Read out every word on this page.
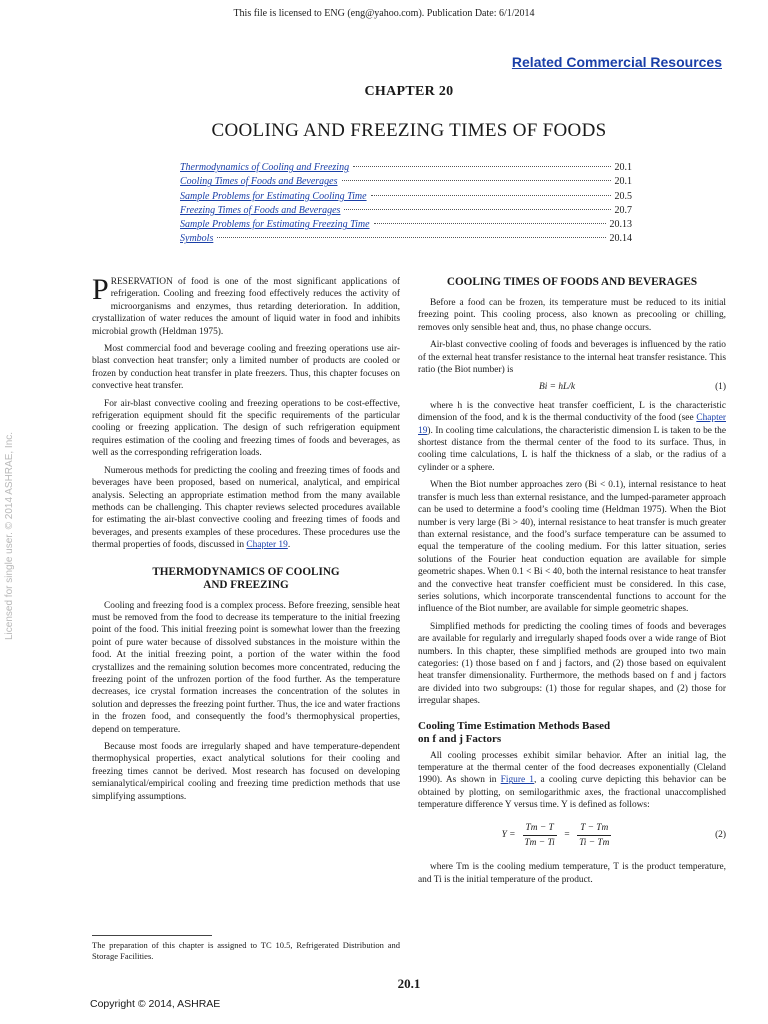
This file is licensed to ENG (eng@yahoo.com). Publication Date: 6/1/2014
Related Commercial Resources
Licensed for single user. © 2014 ASHRAE, Inc.
CHAPTER 20
COOLING AND FREEZING TIMES OF FOODS
Thermodynamics of Cooling and Freezing	20.1
Cooling Times of Foods and Beverages	20.1
Sample Problems for Estimating Cooling Time	20.5
Freezing Times of Foods and Beverages	20.7
Sample Problems for Estimating Freezing Time	20.13
Symbols	20.14

PRESERVATION of food is one of the most significant applications of refrigeration. Cooling and freezing food effectively reduces the activity of microorganisms and enzymes, thus retarding deterioration. In addition, crystallization of water reduces the amount of liquid water in food and inhibits microbial growth (Heldman 1975).

Most commercial food and beverage cooling and freezing operations use air-blast convection heat transfer; only a limited number of products are cooled or frozen by conduction heat transfer in plate freezers. Thus, this chapter focuses on convective heat transfer.

For air-blast convective cooling and freezing operations to be cost-effective, refrigeration equipment should fit the specific requirements of the particular cooling or freezing application. The design of such refrigeration equipment requires estimation of the cooling and freezing times of foods and beverages, as well as the corresponding refrigeration loads.

Numerous methods for predicting the cooling and freezing times of foods and beverages have been proposed, based on numerical, analytical, and empirical analysis. Selecting an appropriate estimation method from the many available methods can be challenging. This chapter reviews selected procedures available for estimating the air-blast convective cooling and freezing times of foods and beverages, and presents examples of these procedures. These procedures use the thermal properties of foods, discussed in Chapter 19.

THERMODYNAMICS OF COOLING
AND FREEZING

Cooling and freezing food is a complex process. Before freezing, sensible heat must be removed from the food to decrease its temperature to the initial freezing point of the food. This initial freezing point is somewhat lower than the freezing point of pure water because of dissolved substances in the moisture within the food. At the initial freezing point, a portion of the water within the food crystallizes and the remaining solution becomes more concentrated, reducing the freezing point of the unfrozen portion of the food further. As the temperature decreases, ice crystal formation increases the concentration of the solutes in solution and depresses the freezing point further. Thus, the ice and water fractions in the frozen food, and consequently the food’s thermophysical properties, depend on temperature.

Because most foods are irregularly shaped and have temperature-dependent thermophysical properties, exact analytical solutions for their cooling and freezing times cannot be derived. Most research has focused on developing semianalytical/empirical cooling and freezing time prediction methods that use simplifying assumptions.

COOLING TIMES OF FOODS AND BEVERAGES

Before a food can be frozen, its temperature must be reduced to its initial freezing point. This cooling process, also known as precooling or chilling, removes only sensible heat and, thus, no phase change occurs.

Air-blast convective cooling of foods and beverages is influenced by the ratio of the external heat transfer resistance to the internal heat transfer resistance. This ratio (the Biot number) is

Bi = hL/k	(1)

where h is the convective heat transfer coefficient, L is the characteristic dimension of the food, and k is the thermal conductivity of the food (see Chapter 19). In cooling time calculations, the characteristic dimension L is taken to be the shortest distance from the thermal center of the food to its surface. Thus, in cooling time calculations, L is half the thickness of a slab, or the radius of a cylinder or a sphere.

When the Biot number approaches zero (Bi < 0.1), internal resistance to heat transfer is much less than external resistance, and the lumped-parameter approach can be used to determine a food’s cooling time (Heldman 1975). When the Biot number is very large (Bi > 40), internal resistance to heat transfer is much greater than external resistance, and the food’s surface temperature can be assumed to equal the temperature of the cooling medium. For this latter situation, series solutions of the Fourier heat conduction equation are available for simple geometric shapes. When 0.1 < Bi < 40, both the internal resistance to heat transfer and the convective heat transfer coefficient must be considered. In this case, series solutions, which incorporate transcendental functions to account for the influence of the Biot number, are available for simple geometric shapes.

Simplified methods for predicting the cooling times of foods and beverages are available for regularly and irregularly shaped foods over a wide range of Biot numbers. In this chapter, these simplified methods are grouped into two main categories: (1) those based on f and j factors, and (2) those based on equivalent heat transfer dimensionality. Furthermore, the methods based on f and j factors are divided into two subgroups: (1) those for regular shapes, and (2) those for irregular shapes.

Cooling Time Estimation Methods Based
on f and j Factors

All cooling processes exhibit similar behavior. After an initial lag, the temperature at the thermal center of the food decreases exponentially (Cleland 1990). As shown in Figure 1, a cooling curve depicting this behavior can be obtained by plotting, on semilogarithmic axes, the fractional unaccomplished temperature difference Y versus time. Y is defined as follows:

$Y = \frac{Tm - T}{Tm - Ti} = \frac{T - Tm}{Ti - Tm}$	(2)

where Tm is the cooling medium temperature, T is the product temperature, and Ti is the initial temperature of the product.

The preparation of this chapter is assigned to TC 10.5, Refrigerated Distribution and Storage Facilities.
20.1
Copyright © 2014, ASHRAE
